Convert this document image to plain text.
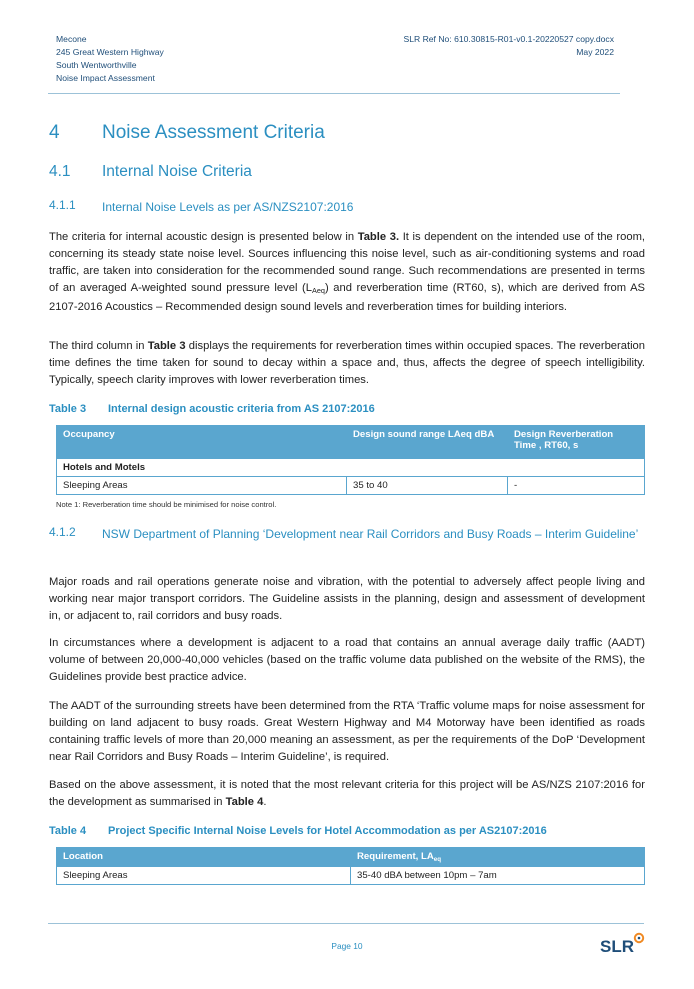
Mecone
245 Great Western Highway
South Wentworthville
Noise Impact Assessment
SLR Ref No: 610.30815-R01-v0.1-20220527 copy.docx
May 2022
4 Noise Assessment Criteria
4.1 Internal Noise Criteria
4.1.1 Internal Noise Levels as per AS/NZS2107:2016
The criteria for internal acoustic design is presented below in Table 3. It is dependent on the intended use of the room, concerning its steady state noise level. Sources influencing this noise level, such as air-conditioning systems and road traffic, are taken into consideration for the recommended sound range. Such recommendations are presented in terms of an averaged A-weighted sound pressure level $(L_{Aeq})$ and reverberation time (RT60, s), which are derived from AS 2107-2016 Acoustics – Recommended design sound levels and reverberation times for building interiors.
The third column in Table 3 displays the requirements for reverberation times within occupied spaces. The reverberation time defines the time taken for sound to decay within a space and, thus, affects the degree of speech intelligibility. Typically, speech clarity improves with lower reverberation times.
Table 3 Internal design acoustic criteria from AS 2107:2016
Occupancy	Design sound range LAeq dBA	Design Reverberation Time , RT60, s
Hotels and Motels		
Sleeping Areas	35 to 40	-
Note 1: Reverberation time should be minimised for noise control.
4.1.2 NSW Department of Planning ‘Development near Rail Corridors and Busy Roads – Interim Guideline’
Major roads and rail operations generate noise and vibration, with the potential to adversely affect people living and working near major transport corridors. The Guideline assists in the planning, design and assessment of development in, or adjacent to, rail corridors and busy roads.
In circumstances where a development is adjacent to a road that contains an annual average daily traffic (AADT) volume of between 20,000-40,000 vehicles (based on the traffic volume data published on the website of the RMS), the Guidelines provide best practice advice.
The AADT of the surrounding streets have been determined from the RTA ‘Traffic volume maps for noise assessment for building on land adjacent to busy roads. Great Western Highway and M4 Motorway have been identified as roads containing traffic levels of more than 20,000 meaning an assessment, as per the requirements of the DoP ‘Development near Rail Corridors and Busy Roads – Interim Guideline’, is required.
Based on the above assessment, it is noted that the most relevant criteria for this project will be AS/NZS 2107:2016 for the development as summarised in Table 4.
Table 4 Project Specific Internal Noise Levels for Hotel Accommodation as per AS2107:2016
Location	Requirement, $LA_{eq}$
Sleeping Areas	35-40 dBA between 10pm – 7am
Page 10	SLR
